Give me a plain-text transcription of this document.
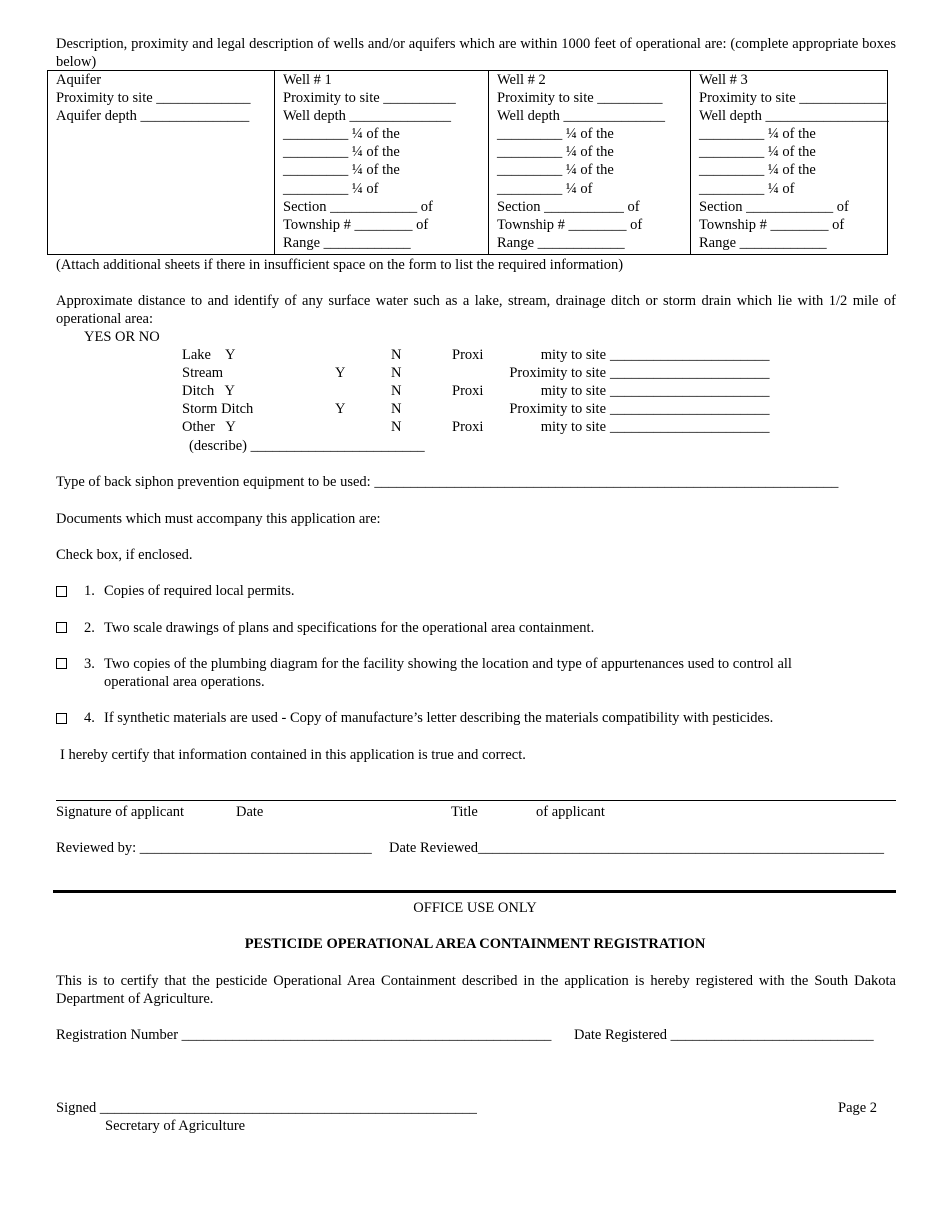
Description, proximity and legal description of wells and/or aquifers which are within 1000 feet of operational are: (complete appropriate boxes below)
Aquifer
Proximity to site _____________
Aquifer depth _______________

Well # 1
Proximity to site __________
Well depth ______________
_________ ¼ of the
_________ ¼ of the
_________ ¼ of the
_________ ¼ of
Section ____________ of
Township # ________ of
Range ____________

Well # 2
Proximity to site _________
Well depth ______________
_________ ¼ of the
_________ ¼ of the
_________ ¼ of the
_________ ¼ of
Section ___________ of
Township # ________ of
Range ____________

Well # 3
Proximity to site ____________
Well depth _________________
_________ ¼ of the
_________ ¼ of the
_________ ¼ of the
_________ ¼ of
Section ____________ of
Township # ________ of
Range ____________
(Attach additional sheets if there in insufficient space on the form to list the required information)
Approximate distance to and identify of any surface water such as a lake, stream, drainage ditch or storm drain which lie with 1/2 mile of operational area:
YES OR NO
Lake    Y	N	Proxi	mity to site ______________________
Stream	Y	N	Proximity to site ______________________
Ditch   Y	N	Proxi	mity to site ______________________
Storm Ditch	Y	N	Proximity to site ______________________
Other   Y	N	Proxi	mity to site ______________________
(describe) ________________________
Type of back siphon prevention equipment to be used: ________________________________________________________________
Documents which must accompany this application are:
Check box, if enclosed.
1. Copies of required local permits.
2. Two scale drawings of plans and specifications for the operational area containment.
3. Two copies of the plumbing diagram for the facility showing the location and type of appurtenances used to control all operational area operations.
4. If synthetic materials are used - Copy of manufacture’s letter describing the materials compatibility with pesticides.
I hereby certify that information contained in this application is true and correct.
Signature of applicant	Date	Title	of applicant
Reviewed by: ________________________________ Date Reviewed________________________________________________________
OFFICE USE ONLY
PESTICIDE OPERATIONAL AREA CONTAINMENT REGISTRATION
This is to certify that the pesticide Operational Area Containment described in the application is hereby registered with the South Dakota Department of Agriculture.
Registration Number ___________________________________________________ Date Registered ____________________________
Signed ____________________________________________________	Page 2
Secretary of Agriculture
